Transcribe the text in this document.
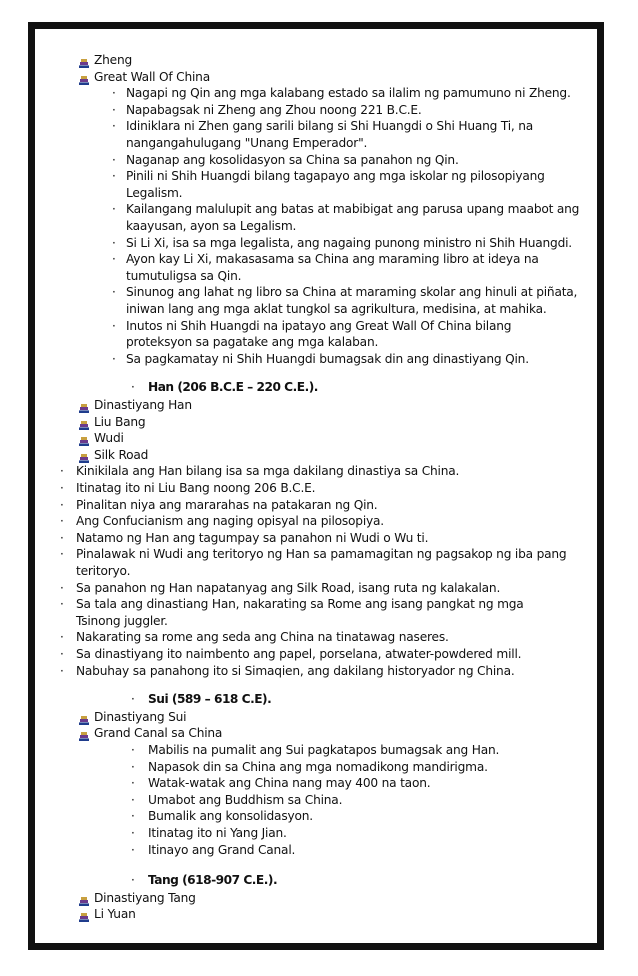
Zheng
Great Wall Of China
· Nagapi ng Qin ang mga kalabang estado sa ilalim ng pamumuno ni Zheng.
· Napabagsak ni Zheng ang Zhou noong 221 B.C.E.
· Idiniklara ni Zhen gang sarili bilang si Shi Huangdi o Shi Huang Ti, na
nangangahulugang "Unang Emperador".
· Naganap ang kosolidasyon sa China sa panahon ng Qin.
· Pinili ni Shih Huangdi bilang tagapayo ang mga iskolar ng pilosopiyang
Legalism.
· Kailangang malulupit ang batas at mabibigat ang parusa upang maabot ang
kaayusan, ayon sa Legalism.
· Si Li Xi, isa sa mga legalista, ang nagaing punong ministro ni Shih Huangdi.
· Ayon kay Li Xi, makasasama sa China ang maraming libro at ideya na
tumutuligsa sa Qin.
· Sinunog ang lahat ng libro sa China at maraming skolar ang hinuli at piñata,
iniwan lang ang mga aklat tungkol sa agrikultura, medisina, at mahika.
· Inutos ni Shih Huangdi na ipatayo ang Great Wall Of China bilang
proteksyon sa pagatake ang mga kalaban.
· Sa pagkamatay ni Shih Huangdi bumagsak din ang dinastiyang Qin.
· Han (206 B.C.E – 220 C.E.).
Dinastiyang Han
Liu Bang
Wudi
Silk Road
· Kinikilala ang Han bilang isa sa mga dakilang dinastiya sa China.
· Itinatag ito ni Liu Bang noong 206 B.C.E.
· Pinalitan niya ang mararahas na patakaran ng Qin.
· Ang Confucianism ang naging opisyal na pilosopiya.
· Natamo ng Han ang tagumpay sa panahon ni Wudi o Wu ti.
· Pinalawak ni Wudi ang teritoryo ng Han sa pamamagitan ng pagsakop ng iba pang
teritoryo.
· Sa panahon ng Han napatanyag ang Silk Road, isang ruta ng kalakalan.
· Sa tala ang dinastiang Han, nakarating sa Rome ang isang pangkat ng mga
Tsinong juggler.
· Nakarating sa rome ang seda ang China na tinatawag naseres.
· Sa dinastiyang ito naimbento ang papel, porselana, atwater-powdered mill.
· Nabuhay sa panahong ito si Simaqien, ang dakilang historyador ng China.
· Sui (589 – 618 C.E).
Dinastiyang Sui
Grand Canal sa China
· Mabilis na pumalit ang Sui pagkatapos bumagsak ang Han.
· Napasok din sa China ang mga nomadikong mandirigma.
· Watak-watak ang China nang may 400 na taon.
· Umabot ang Buddhism sa China.
· Bumalik ang konsolidasyon.
· Itinatag ito ni Yang Jian.
· Itinayo ang Grand Canal.
· Tang (618-907 C.E.).
Dinastiyang Tang
Li Yuan
